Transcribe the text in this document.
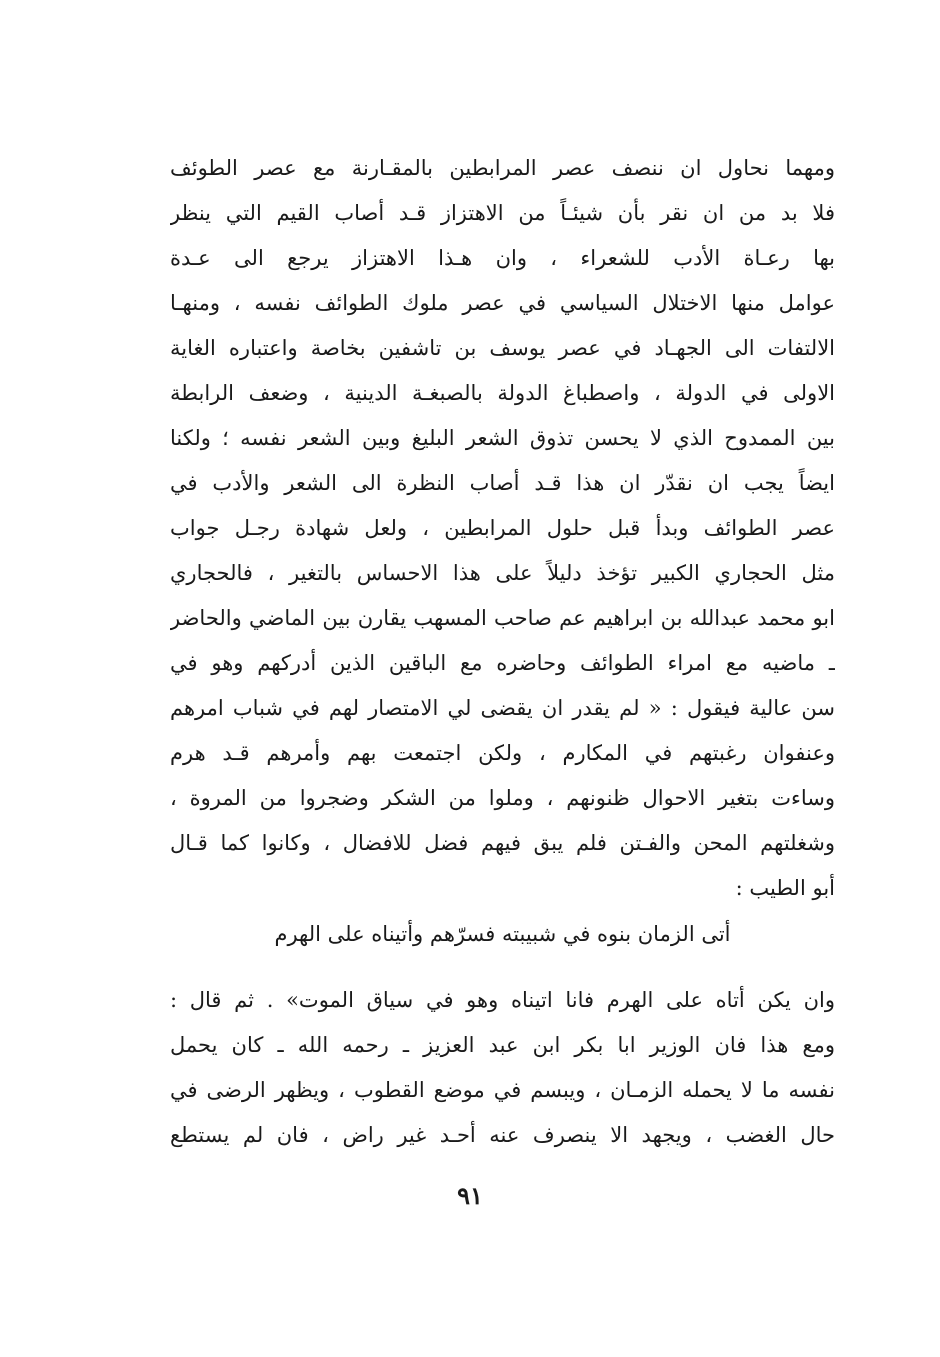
ومهما نحاول ان ننصف عصر المرابطين بالمقـارنة مع عصر الطوئف
فلا بد من ان نقر بأن شيئـاً من الاهتزاز قـد أصاب القيم التي ينظر
بها رعـاة الأدب للشعراء ، وان هـذا الاهتزاز يرجع الى عـدة
عوامل منها الاختلال السياسي في عصر ملوك الطوائف نفسه ، ومنهـا
الالتفات الى الجهـاد في عصر يوسف بن تاشفين بخاصة واعتباره الغاية
الاولى في الدولة ، واصطباغ الدولة بالصبغـة الدينية ، وضعف الرابطة
بين الممدوح الذي لا يحسن تذوق الشعر البليغ وبين الشعر نفسه ؛ ولكنا
ايضاً يجب ان نقدّر ان هذا قـد أصاب النظرة الى الشعر والأدب في
عصر الطوائف وبدأ قبل حلول المرابطين ، ولعل شهادة رجـل جواب
مثل الحجاري الكبير تؤخذ دليلاً على هذا الاحساس بالتغير ، فالحجاري
ابو محمد عبدالله بن ابراهيم عم صاحب المسهب يقارن بين الماضي والحاضر
ـ ماضيه مع امراء الطوائف وحاضره مع الباقين الذين أدركهم وهو في
سن عالية فيقول : « لم يقدر ان يقضى لي الامتصار لهم في شباب امرهم
وعنفوان رغبتهم في المكارم ، ولكن اجتمعت بهم وأمرهم قـد هرم
وساءت بتغير الاحوال ظنونهم ، وملوا من الشكر وضجروا من المروة ،
وشغلتهم المحن والفـتن فلم يبق فيهم فضل للافضال ، وكانوا كما قـال
أبو الطيب :
أتى الزمان بنوه في شبيبته فسرّهم وأتيناه على الهرم
وان يكن أتاه على الهرم فانا اتيناه وهو في سياق الموت» . ثم قال :
ومع هذا فان الوزير ابا بكر ابن عبد العزيز ـ رحمه الله ـ كان يحمل
نفسه ما لا يحمله الزمـان ، ويبسم في موضع القطوب ، ويظهر الرضى في
حال الغضب ، ويجهد الا ينصرف عنه أحـد غير راض ، فان لم يستطع
٩١
